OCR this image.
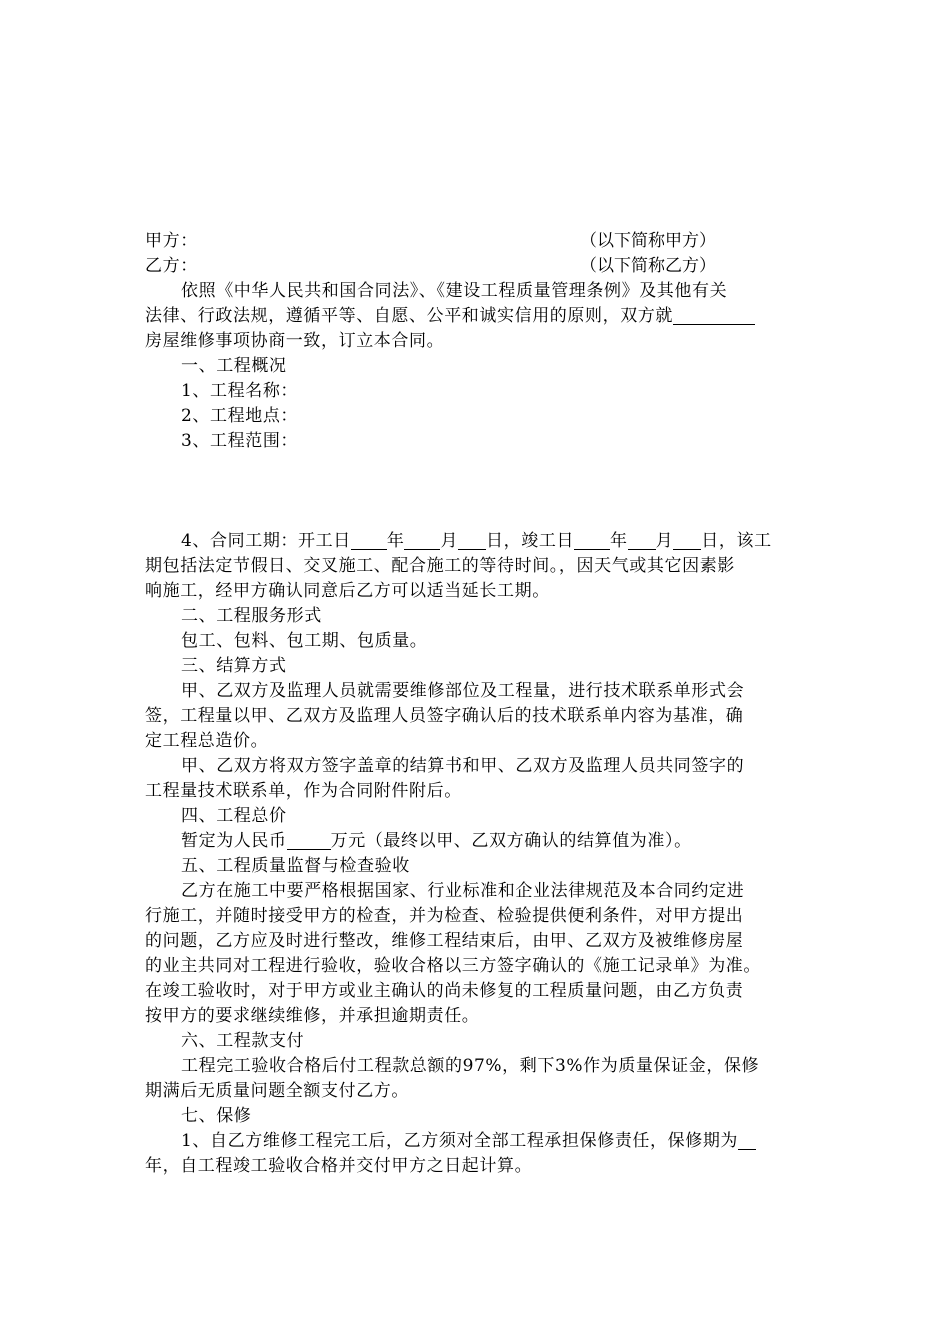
甲方：	（以下简称甲方）
乙方：	（以下简称乙方）
依照《中华人民共和国合同法》、《建设工程质量管理条例》及其他有关
法律、行政法规，遵循平等、自愿、公平和诚实信用的原则，双方就
房屋维修事项协商一致，订立本合同。
一、工程概况
1、工程名称：
2、工程地点：
3、工程范围：
4、合同工期：开工日 年 月 日，竣工日 年 月 日，该工
期包括法定节假日、交叉施工、配合施工的等待时间。，因天气或其它因素影
响施工，经甲方确认同意后乙方可以适当延长工期。
二、工程服务形式
包工、包料、包工期、包质量。
三、结算方式
甲、乙双方及监理人员就需要维修部位及工程量，进行技术联系单形式会
签，工程量以甲、乙双方及监理人员签字确认后的技术联系单内容为基准，确
定工程总造价。
甲、乙双方将双方签字盖章的结算书和甲、乙双方及监理人员共同签字的
工程量技术联系单，作为合同附件附后。
四、工程总价
暂定为人民币	万元（最终以甲、乙双方确认的结算值为准）。
五、工程质量监督与检查验收
乙方在施工中要严格根据国家、行业标准和企业法律规范及本合同约定进
行施工，并随时接受甲方的检查，并为检查、检验提供便利条件，对甲方提出
的问题，乙方应及时进行整改，维修工程结束后，由甲、乙双方及被维修房屋
的业主共同对工程进行验收，验收合格以三方签字确认的《施工记录单》为准。
在竣工验收时，对于甲方或业主确认的尚未修复的工程质量问题，由乙方负责
按甲方的要求继续维修，并承担逾期责任。
六、工程款支付
工程完工验收合格后付工程款总额的97%，剩下3%作为质量保证金，保修
期满后无质量问题全额支付乙方。
七、保修
1、自乙方维修工程完工后，乙方须对全部工程承担保修责任，保修期为
年，自工程竣工验收合格并交付甲方之日起计算。
